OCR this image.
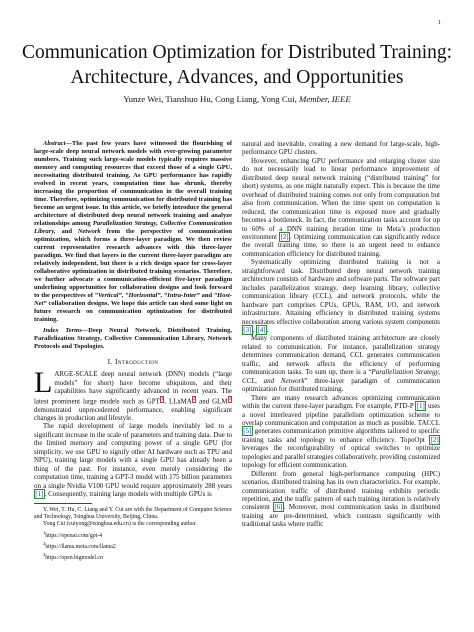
1
Communication Optimization for Distributed Training: Architecture, Advances, and Opportunities
Yunze Wei, Tianshuo Hu, Cong Liang, Yong Cui, Member, IEEE

Abstract—The past few years have witnessed the flourishing of large-scale deep neural network models with ever-growing parameter numbers. Training such large-scale models typically requires massive memory and computing resources that exceed those of a single GPU, necessitating distributed training. As GPU performance has rapidly evolved in recent years, computation time has shrunk, thereby increasing the proportion of communication in the overall training time. Therefore, optimizing communication for distributed training has become an urgent issue. In this article, we briefly introduce the general architecture of distributed deep neural network training and analyze relationships among Parallelization Strategy, Collective Communication Library, and Network from the perspective of communication optimization, which forms a three-layer paradigm. We then review current representative research advances with this three-layer paradigm. We find that layers in the current three-layer paradigm are relatively independent, but there is a rich design space for cross-layer collaborative optimization in distributed training scenarios. Therefore, we further advocate a communication-efficient five-layer paradigm underlining opportunities for collaboration designs and look forward to the perspectives of “Vertical”, “Horizontal”, “Intra-Inter” and “Host-Net” collaboration designs. We hope this article can shed some light on future research on communication optimization for distributed training.

Index Terms—Deep Neural Network, Distributed Training, Parallelization Strategy, Collective Communication Library, Network Protocols and Topologies.

I. Introduction

LARGE-SCALE deep neural network (DNN) models (“large models” for short) have become ubiquitous, and their capabilities have significantly advanced in recent years. The latest prominent large models such as GPT$^1$, LLaMA$^2$ and GLM$^3$ demonstrated unprecedented performance, enabling significant changes in production and lifestyle.

The rapid development of large models inevitably led to a significant increase in the scale of parameters and training data. Due to the limited memory and computing power of a single GPU (for simplicity, we use GPU to signify other AI hardware such as TPU and NPU), training large models with a single GPU has already been a thing of the past. For instance, even merely considering the computation time, training a GPT-3 model with 175 billion parameters on a single Nvidia V100 GPU would require approximately 288 years [1]. Consequently, training large models with multiple GPUs is

Y. Wei, T. Hu, C. Liang and Y. Cui are with the Department of Computer Science and Technology, Tsinghua University, Beijing, China.

Yong Cui (cuiyong@tsinghua.edu.cn) is the corresponding author.

$^1$https://openai.com/gpt-4

$^2$https://llama.meta.com/llama2

$^3$https://open.bigmodel.cn

natural and inevitable, creating a new demand for large-scale, high-performance GPU clusters.

However, enhancing GPU performance and enlarging cluster size do not necessarily lead to linear performance improvement of distributed deep neural network training (“distributed training” for short) systems, as one might naturally expect. This is because the time overhead of distributed training comes not only from computation but also from communication. When the time spent on computation is reduced, the communication time is exposed more and gradually becomes a bottleneck. In fact, the communication tasks account for up to 60% of a DNN training iteration time in Meta’s production environment [2]. Optimizing communication can significantly reduce the overall training time, so there is an urgent need to enhance communication efficiency for distributed training.

Systematically optimizing distributed training is not a straightforward task. Distributed deep neural network training architecture consists of hardware and software parts. The software part includes parallelization strategy, deep learning library, collective communication library (CCL), and network protocols, while the hardware part comprises CPUs, GPUs, RAM, I/O, and network infrastructure. Attaining efficiency in distributed training systems necessitates effective collaboration among various system components [3], [4].

Many components of distributed training architecture are closely related to communication. For instance, parallelization strategy determines communication demand, CCL generates communication traffic, and network affects the efficiency of performing communication tasks. To sum up, there is a “Parallelization Strategy, CCL, and Network” three-layer paradigm of communication optimization for distributed training.

There are many research advances optimizing communication within the current three-layer paradigm. For example, PTD-P [1] uses a novel interleaved pipeline parallelism optimization scheme to overlap communication and computation as much as possible. TACCL [5] generates communication primitive algorithms tailored to specific training tasks and topology to enhance efficiency. TopoOpt [2] leverages the reconfigurability of optical switches to optimize topologies and parallel strategies collaboratively, providing customized topology for efficient communication.

Different from general high-performance computing (HPC) scenarios, distributed training has its own characteristics. For example, communication traffic of distributed training exhibits periodic repetition, and the traffic pattern of each training iteration is relatively consistent [6]. Moreover, most communication tasks in distributed training are pre-determined, which contrasts significantly with traditional tasks where traffic
